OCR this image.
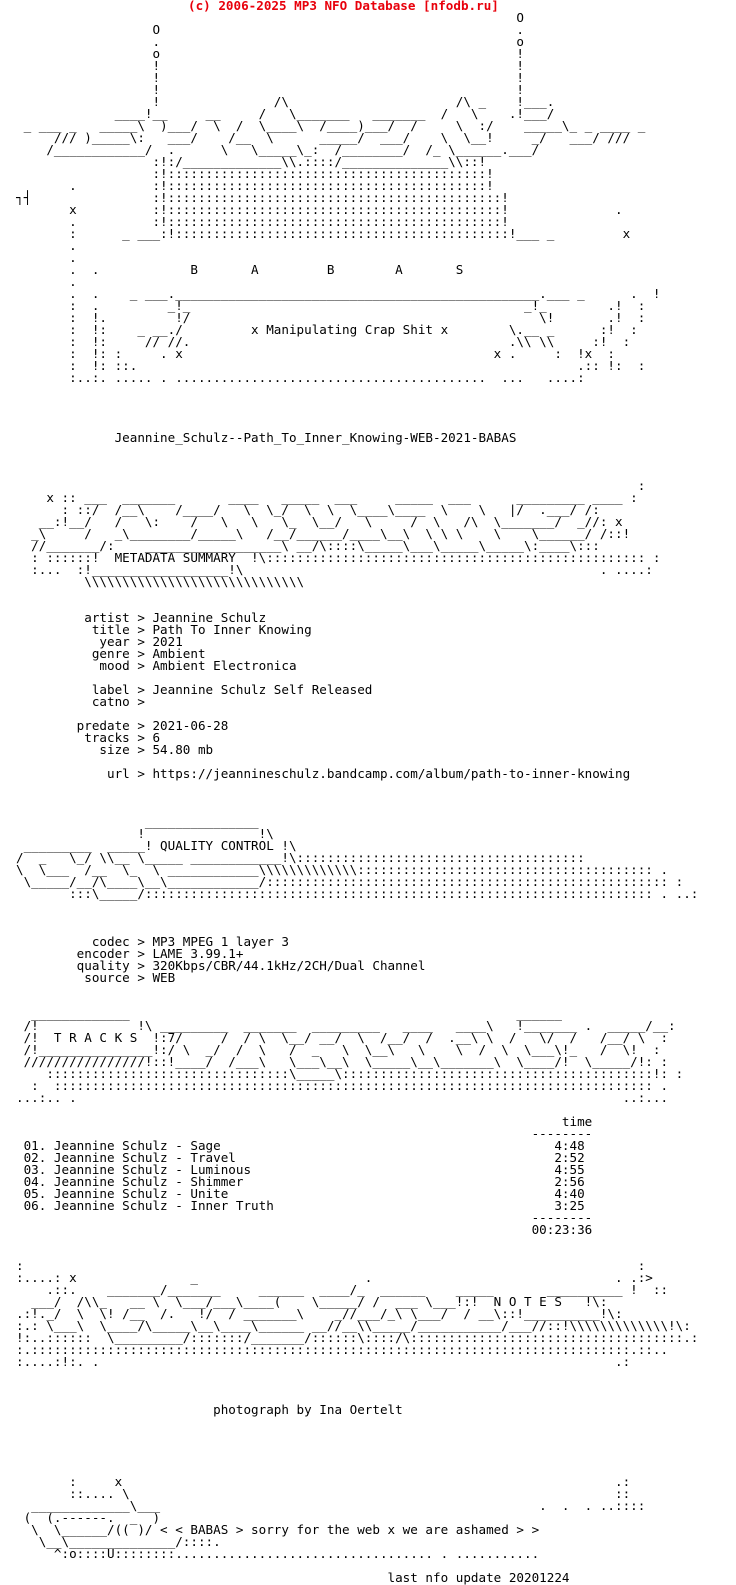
(c) 2006-2025 MP3 NFO Database [nfodb.ru]
O
O                                               .
.                                               o
o                                               !
!                                               !
!                                               !
!                                               !
!               /\                      /\ _    !___.
____!__     __     /   \_______   _______  /   \    .!___/
_ ___ _   _____\  )___/  \  /  \____\  /____)___/  /     \  :/    _____\_ _ ____ _
/// )_____\:   ___/    /__  \      _____/  ___/    \  \__!     _/   ___/ ///
/____________/  .      \   \_____\_:  /________/  /_ \______.___/
:!:/_____________\\.::::/______________\\::!
:!::::::::::::::::::::::::::::::::::::::::::!
.          :!::::::::::::::::::::::::::::::::::::::::::!
┐┤                :!::::::::::::::::::::::::::::::::::::::::::::!
x          :!::::::::::::::::::::::::::::::::::::::::::::!              .
.          :!::::::::::::::::::::::::::::::::::::::::::::!
:      _ ___:!::::::::::::::::::::::::::::::::::::::::::::!___ _         x
.
.
.  .            B       A         B        A       S
.
.  .    _ ___.________________________________________________.___ _      .  !
:  .         _!_                                            _!_        .!  :
:  !.         !/                                              \!       .!  :
:  !:    _ __./         x Manipulating Crap Shit x        \.__ _      :!  :
:  !:     // //.                                          .\\ \\     :!  :
:  !: :     . x                                         x .     :  !x  :
:  !: ::.                                                          .:: !:  :
:..:. ..... . .........................................  ...   ....:
Jeannine_Schulz--Path_To_Inner_Knowing-WEB-2021-BABAS
:
x :: ___  _______       ____   _____  ___     _____  ___      _________ ____ :
: ::/  /__\    /____/   \  \_/  \  \  \____\____  \    \   |/  .___/ /:
__:!__/   /   \:    /   \   \   \_  \__/   \     /  \   /\  \_______/  _//: x
_\     /   _\________/_____\   /__/______/____\__\  \ \ \    \    \______/ /::!
//_______/:    __________________\ __/\::::\_____\___\_____\_____\:____\:::
: ::::::!  METADATA SUMMARY  !\:::::::::::::::::::::::::::::::::::::::::::::::::: :
:...  :!__________________!\                                               . ....:
\\\\\\\\\\\\\\\\\\\\\\\\\\\\\
artist > Jeannine Schulz
title > Path To Inner Knowing
year > 2021
genre > Ambient
mood > Ambient Electronica
label > Jeannine Schulz Self Released
catno >
predate > 2021-06-28
tracks > 6
size > 54.80 mb
url > https://jeannineschulz.bandcamp.com/album/path-to-inner-knowing
_______________
!               !\
_________  _____! QUALITY CONTROL !\
/  _   \_/ \\__ \_____ ____________!\::::::::::::::::::::::::::::::::::::::
\  \___  /__  \_  \ ____________\\\\\\\\\\\\\::::::::::::::::::::::::::::::::::::::: .
\_____/__/\____\__\____________/::::::::::::::::::::::::::::::::::::::::::::::::::::: :
:::\_____/::::::::::::::::::::::::::::::::::::::::::::::::::::::::::::::::::: . ..:
codec > MP3 MPEG 1 layer 3
encoder > LAME 3.99.1+
quality > 320Kbps/CBR/44.1kHz/2CH/Dual Channel
source > WEB
_____________                                                   ______
/!             !\ _________  _______  _________   ____   ____\   !_______ .  _____/__:
/!  T R A C K S  !:7/     /  / \  \__/ __/  \  /__/  /  .__\ \  /   \/  /   /__/ \  :
/!_______________!:/ \  _/  /  \   /  _   \  \__\   \    \  /  \  \___\!_   /  \!  :
////////////////!::!____/  /___\   \___\__\  \_____\__\_______\  \____/!  \_____/!: :
::::::::::::::::::::::::::::::::\_____\:::::::::::::::::::::::::::::::::::::::::!: :
:  ::::::::::::::::::::::::::::::::::::::::::::::::::::::::::::::::::::::::::::::: .
...:.. .                                                                        ..:...
time
--------
01. Jeannine Schulz - Sage                                            4:48
02. Jeannine Schulz - Travel                                          2:52
03. Jeannine Schulz - Luminous                                        4:55
04. Jeannine Schulz - Shimmer                                         2:56
05. Jeannine Schulz - Unite                                           4:40
06. Jeannine Schulz - Inner Truth                                     3:25
--------
00:23:36
:                                                                                 :
:....: x               _                      .                                . .:>
.::.    _______/_______     ______  ____/_  ______    _____       __________ !  ::
___/  /\\_   __ \  \___/___\____(    \_____/ /  ___ \___!:!  N O T E S   !\:
.:!._/  \  \! /__  /.   !/  / _______\    _//___/_\ \___/  / __\::!__________!\:
:.: \___\  \____/\_____\__\____\______ __//__\\_____/___________/___//::!\\\\\\\\\\\\\!\:
!:..::::::  \_________/:::::::/_______/::::::\::::/\::::::::::::::::::::::::::::::::::::.:
:.:::::::::::::::::::::::::::::::::::::::::::::::::::::::::::::::::::::::::::::::.::..
:....:!:. .                                                                    .:
photograph by Ina Oertelt
:     x                                                                 .:
::.... \                                                                ::
_____________\___                                                  .  .  . ..::::
(  (.------.  _  )
\  \______/(( )/ < < BABAS > sorry for the web x we are ashamed > >
\__\______________/::::.
^:o::::U::::::::.................................. . ...........
last nfo update 20201224
